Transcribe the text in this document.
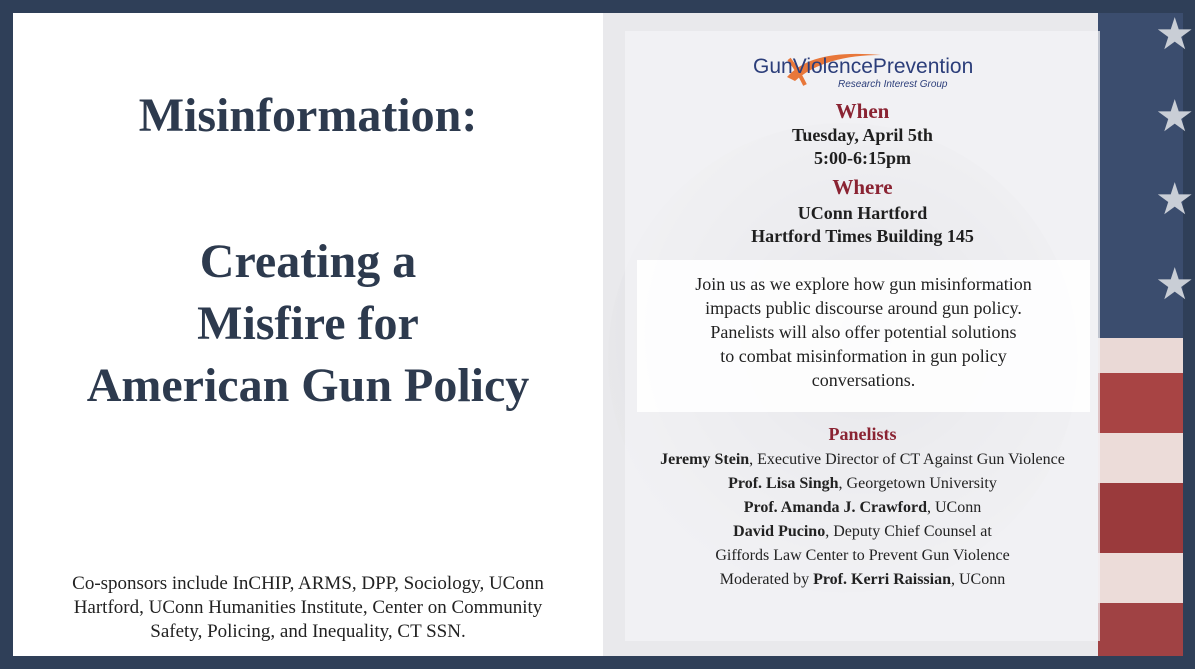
Misinformation:
Creating a
Misfire for
American Gun Policy
Co-sponsors include InCHIP, ARMS, DPP, Sociology, UConn
Hartford, UConn Humanities Institute, Center on Community
Safety, Policing, and Inequality, CT SSN.
★
★
★
★
GunViolencePrevention
Research Interest Group
When
Tuesday, April 5th
5:00-6:15pm
Where
UConn Hartford
Hartford Times Building 145
Join us as we explore how gun misinformation
impacts public discourse around gun policy.
Panelists will also offer potential solutions
to combat misinformation in gun policy
conversations.
Panelists
Jeremy Stein, Executive Director of CT Against Gun Violence
Prof. Lisa Singh, Georgetown University
Prof. Amanda J. Crawford, UConn
David Pucino, Deputy Chief Counsel at
Giffords Law Center to Prevent Gun Violence
Moderated by Prof. Kerri Raissian, UConn
